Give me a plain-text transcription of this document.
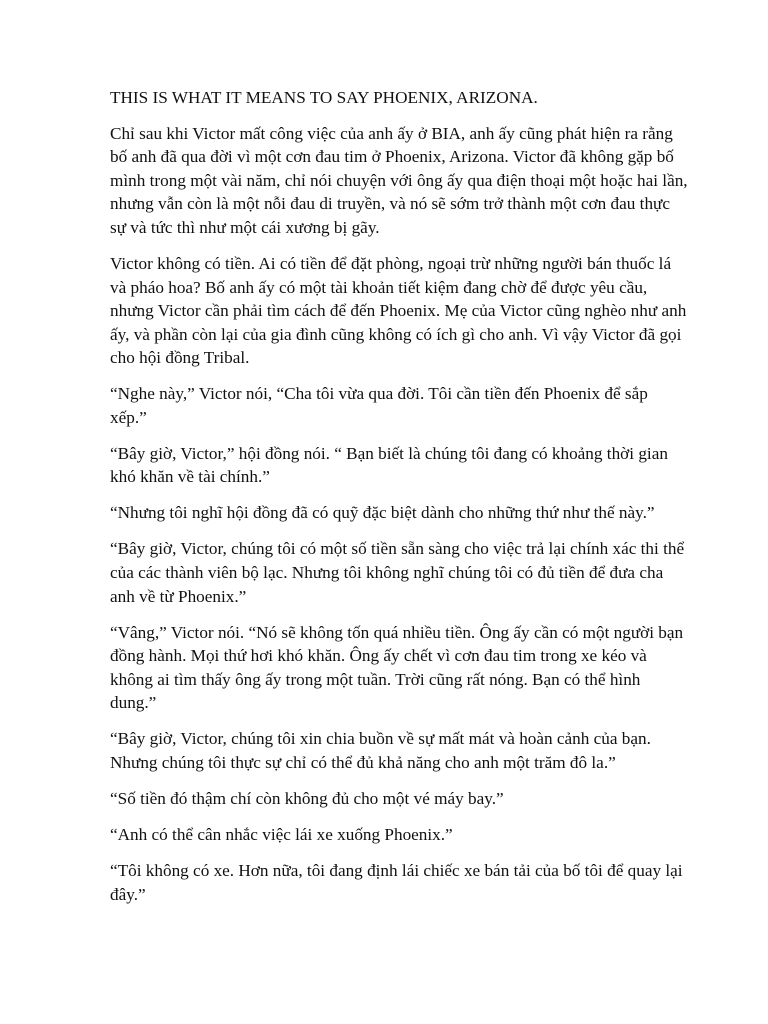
THIS IS WHAT IT MEANS TO SAY PHOENIX, ARIZONA.

Chỉ sau khi Victor mất công việc của anh ấy ở BIA, anh ấy cũng phát hiện ra rằng bố anh đã qua đời vì một cơn đau tim ở Phoenix, Arizona. Victor đã không gặp bố mình trong một vài năm, chỉ nói chuyện với ông ấy qua điện thoại một hoặc hai lần, nhưng vẫn còn là một nỗi đau di truyền, và nó sẽ sớm trở thành một cơn đau thực sự và tức thì như một cái xương bị gãy.

Victor không có tiền. Ai có tiền để đặt phòng, ngoại trừ những người bán thuốc lá và pháo hoa? Bố anh ấy có một tài khoản tiết kiệm đang chờ để được yêu cầu, nhưng Victor cần phải tìm cách để đến Phoenix. Mẹ của Victor cũng nghèo như anh ấy, và phần còn lại của gia đình cũng không có ích gì cho anh. Vì vậy Victor đã gọi cho hội đồng Tribal.

“Nghe này,” Victor nói, “Cha tôi vừa qua đời. Tôi cần tiền đến Phoenix để sắp xếp.”

“Bây giờ, Victor,” hội đồng nói. “ Bạn biết là chúng tôi đang có khoảng thời gian khó khăn về tài chính.”

“Nhưng tôi nghĩ hội đồng đã có quỹ đặc biệt dành cho những thứ như thế này.”

“Bây giờ, Victor, chúng tôi có một số tiền sẵn sàng cho việc trả lại chính xác thi thể của các thành viên bộ lạc. Nhưng tôi không nghĩ chúng tôi có đủ tiền để đưa cha anh về từ Phoenix.”

“Vâng,” Victor nói. “Nó sẽ không tốn quá nhiều tiền. Ông ấy cần có một người bạn đồng hành. Mọi thứ hơi khó khăn. Ông ấy chết vì cơn đau tim trong xe kéo và không ai tìm thấy ông ấy trong một tuần. Trời cũng rất nóng. Bạn có thể hình dung.”

“Bây giờ, Victor, chúng tôi xin chia buồn về sự mất mát và hoàn cảnh của bạn. Nhưng chúng tôi thực sự chỉ có thể đủ khả năng cho anh một trăm đô la.”

“Số tiền đó thậm chí còn không đủ cho một vé máy bay.”

“Anh có thể cân nhắc việc lái xe xuống Phoenix.”

“Tôi không có xe. Hơn nữa, tôi đang định lái chiếc xe bán tải của bố tôi để quay lại đây.”
